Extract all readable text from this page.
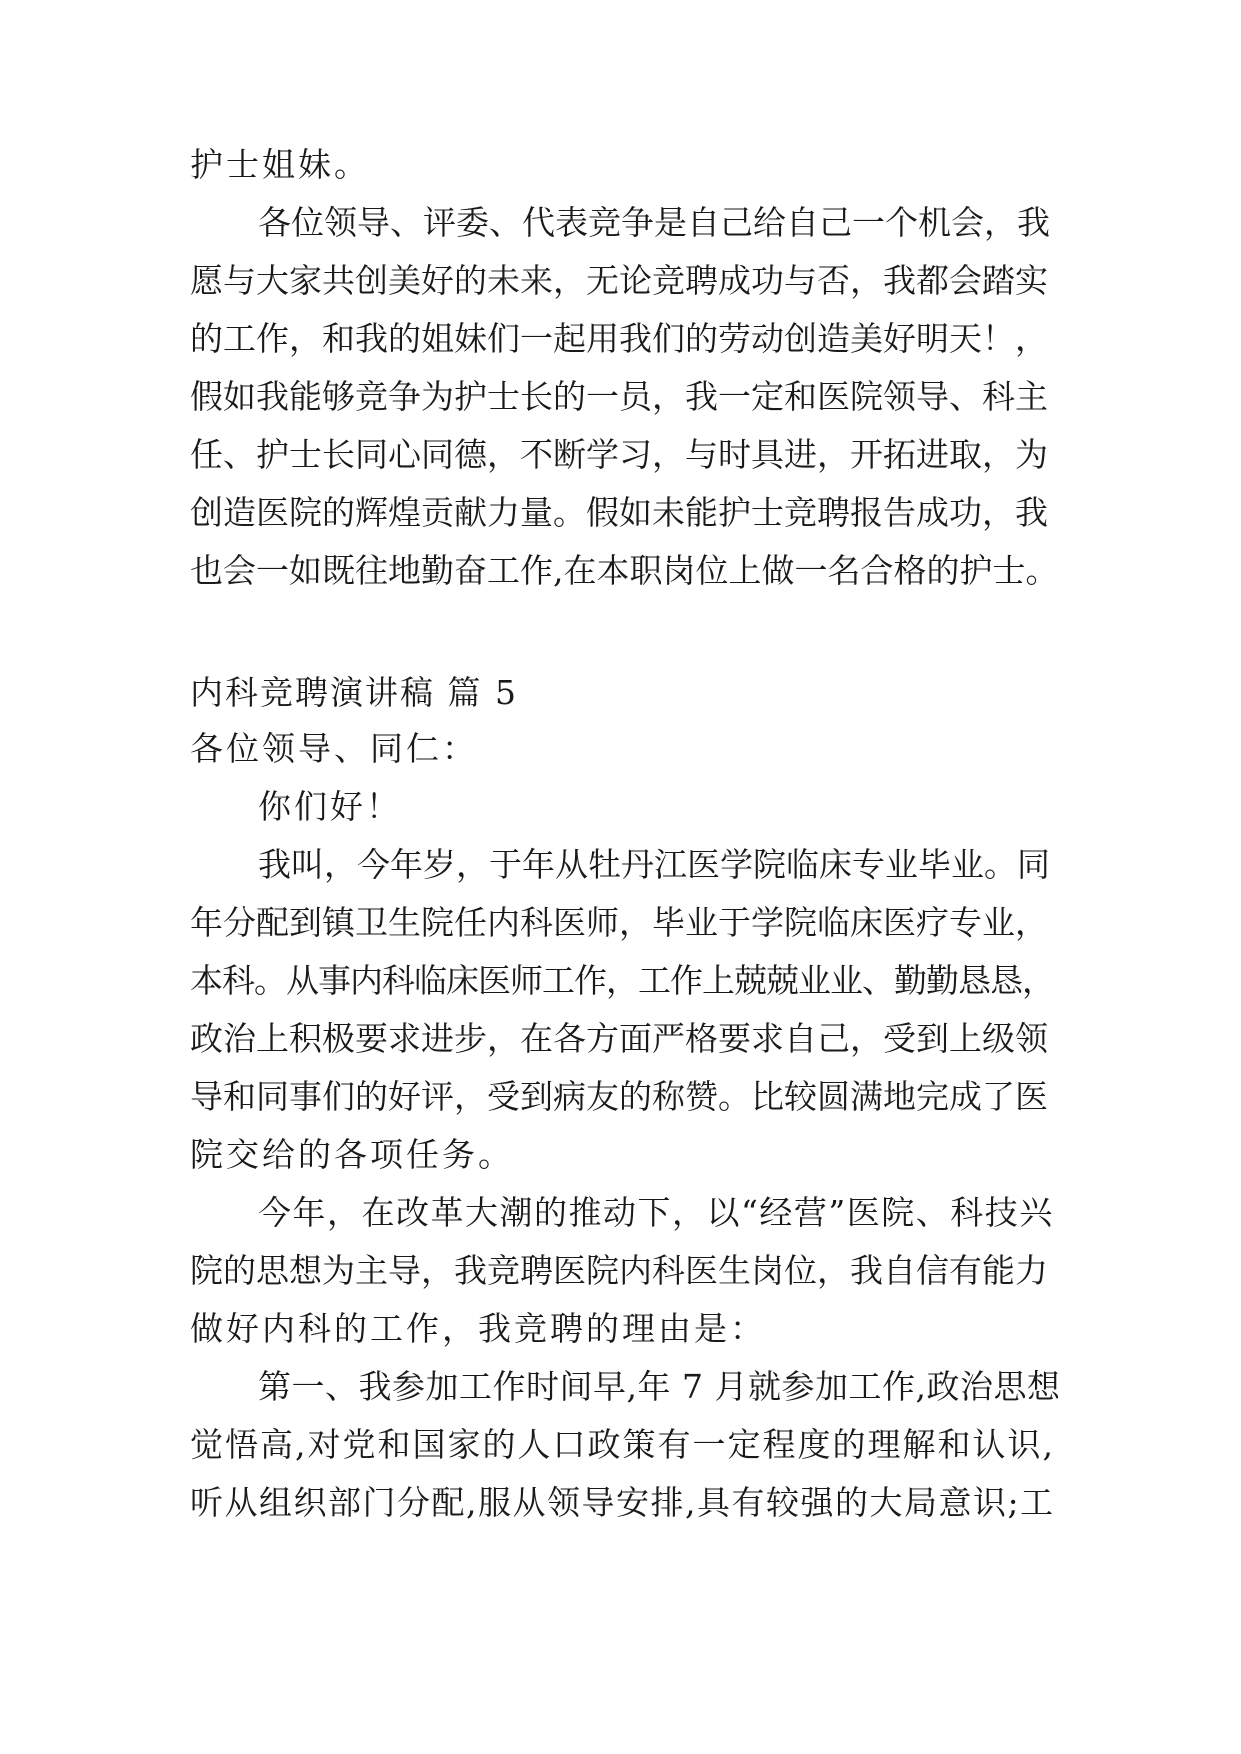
护士姐妹。
各位领导、评委、代表竞争是自己给自己一个机会，我
愿与大家共创美好的未来，无论竞聘成功与否，我都会踏实
的工作，和我的姐妹们一起用我们的劳动创造美好明天！，
假如我能够竞争为护士长的一员，我一定和医院领导、科主
任、护士长同心同德，不断学习，与时具进，开拓进取，为
创造医院的辉煌贡献力量。假如未能护士竞聘报告成功，我
也会一如既往地勤奋工作,在本职岗位上做一名合格的护士。
内科竞聘演讲稿 篇 5
各位领导、同仁：
你们好！
我叫，今年岁，于年从牡丹江医学院临床专业毕业。同
年分配到镇卫生院任内科医师，毕业于学院临床医疗专业，
本科。从事内科临床医师工作，工作上兢兢业业、勤勤恳恳，
政治上积极要求进步，在各方面严格要求自己，受到上级领
导和同事们的好评，受到病友的称赞。比较圆满地完成了医
院交给的各项任务。
今年，在改革大潮的推动下，以“经营”医院、科技兴
院的思想为主导，我竞聘医院内科医生岗位，我自信有能力
做好内科的工作，我竞聘的理由是：
第一、我参加工作时间早,年 7 月就参加工作,政治思想
觉悟高,对党和国家的人口政策有一定程度的理解和认识,
听从组织部门分配,服从领导安排,具有较强的大局意识;工
